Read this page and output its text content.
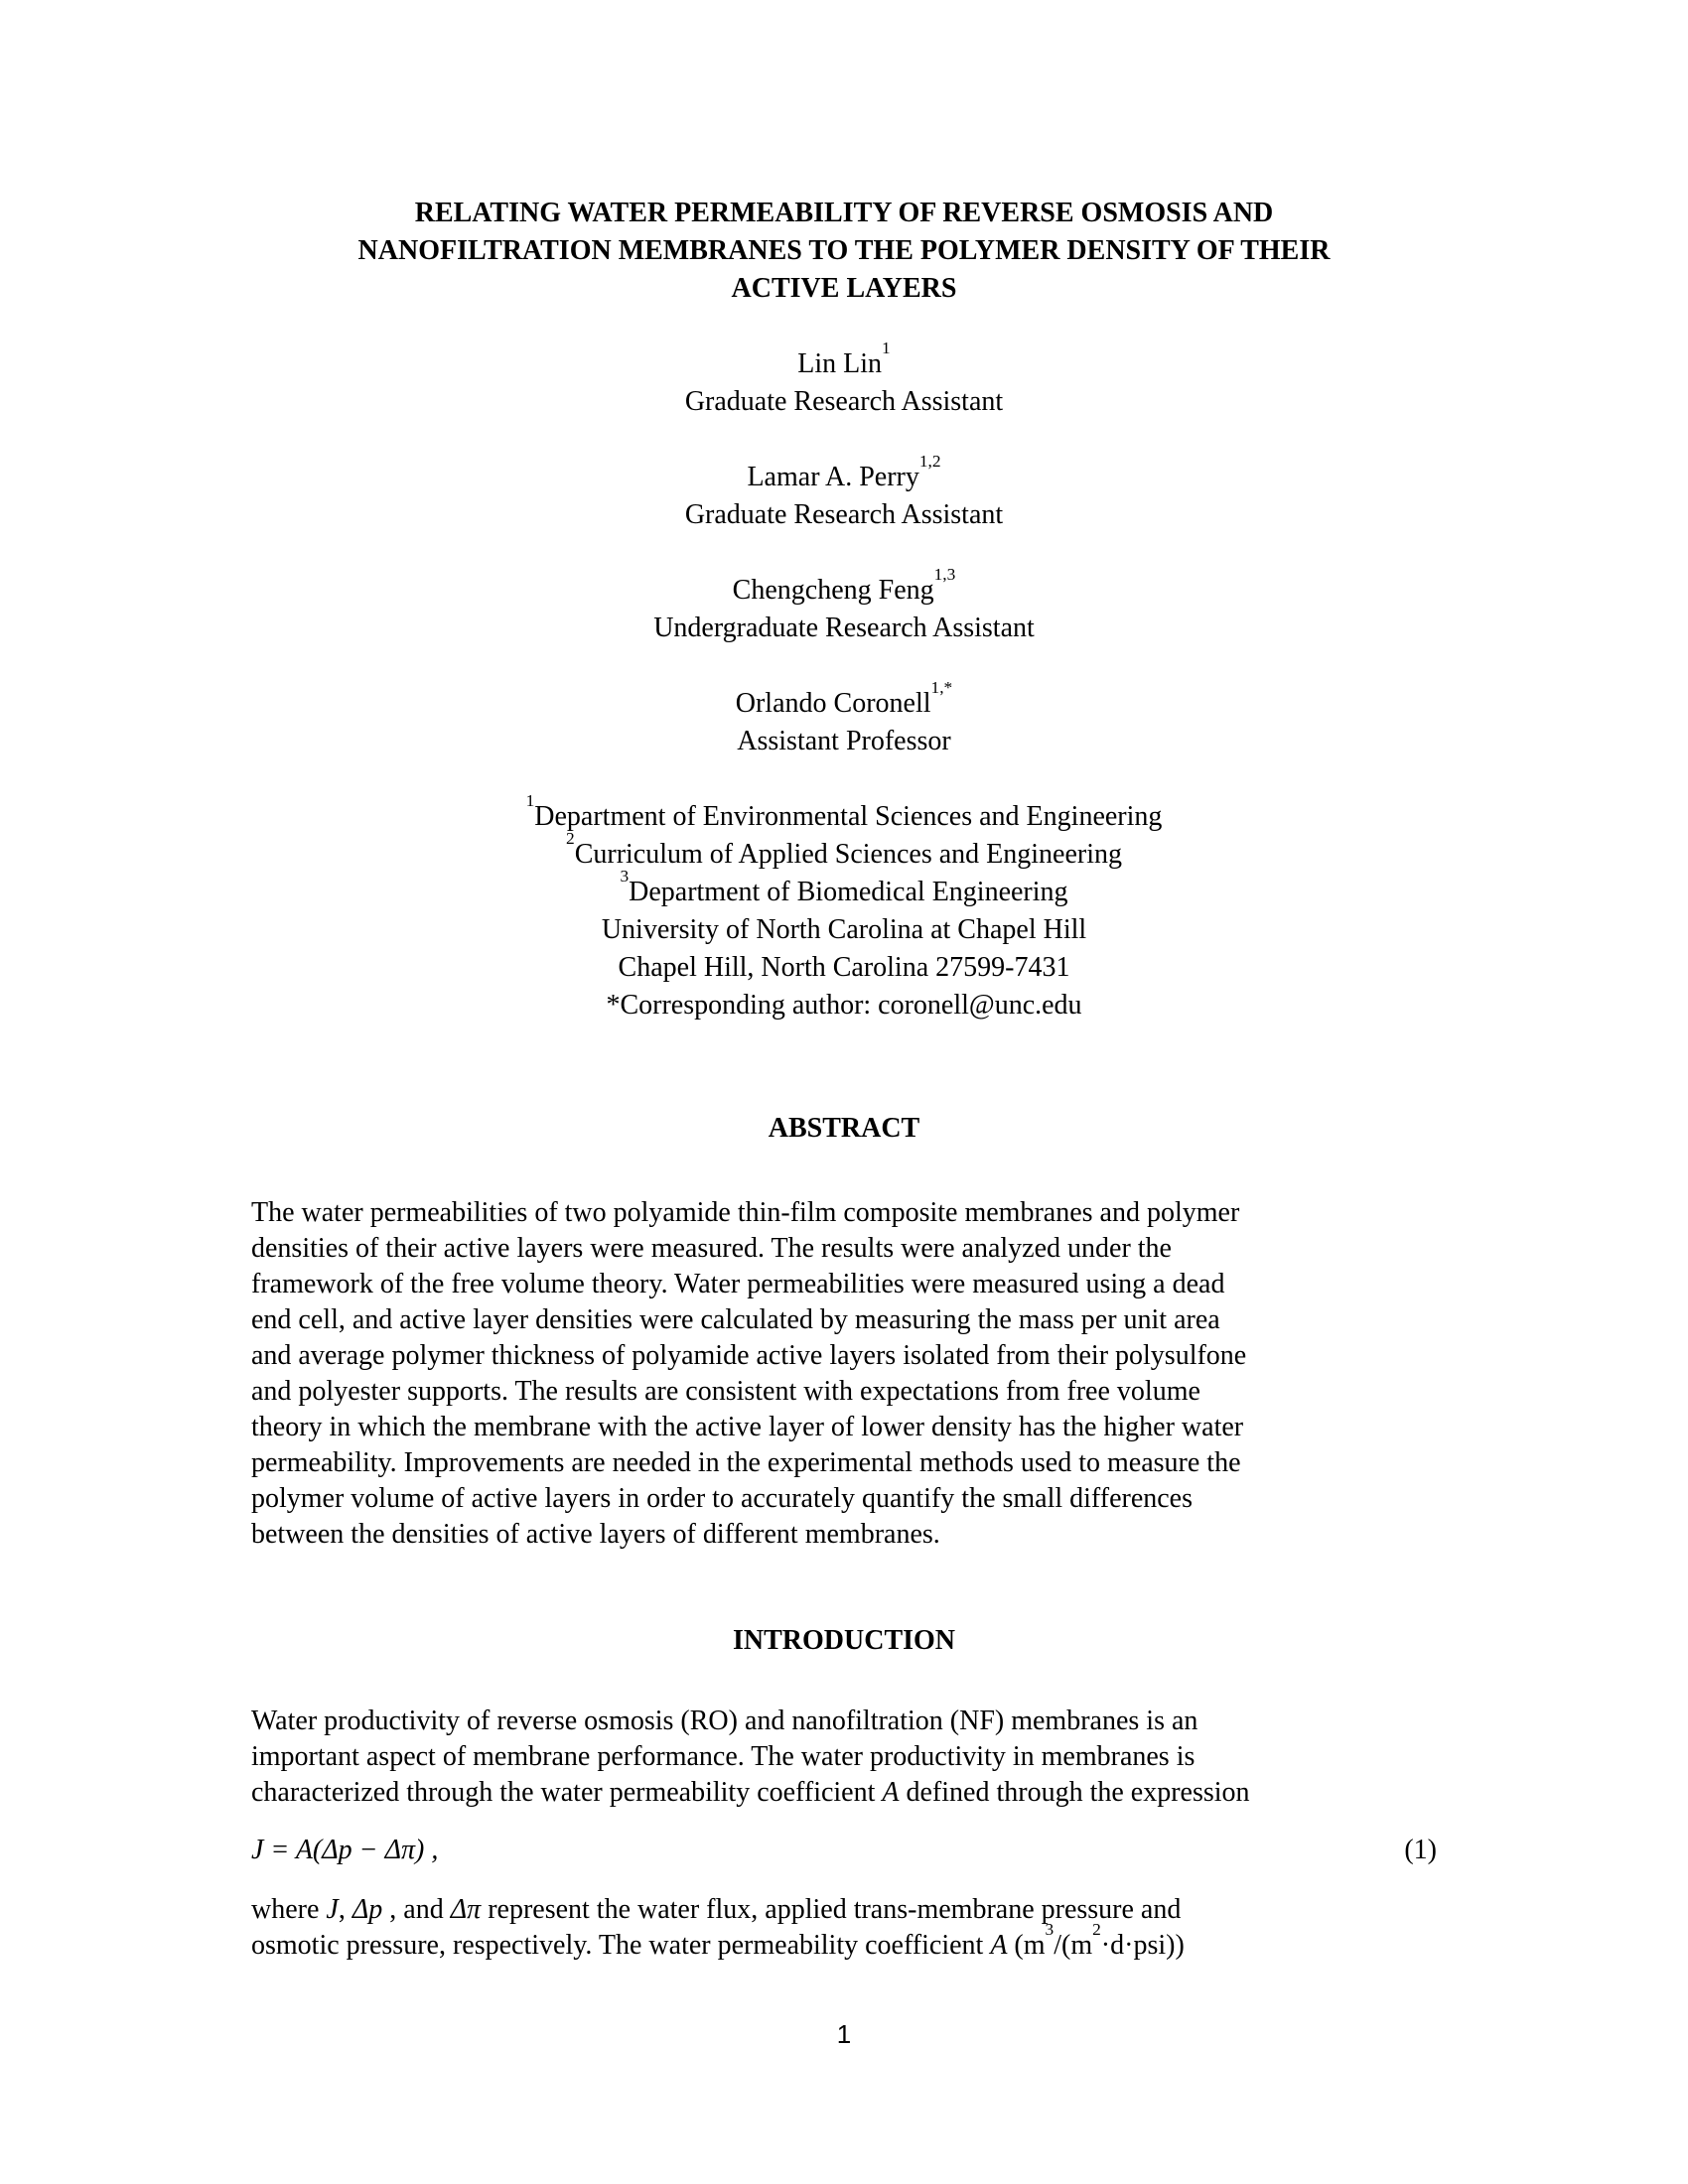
RELATING WATER PERMEABILITY OF REVERSE OSMOSIS AND
NANOFILTRATION MEMBRANES TO THE POLYMER DENSITY OF THEIR
ACTIVE LAYERS
Lin Lin$^1$
Graduate Research Assistant
Lamar A. Perry$^{1,2}$
Graduate Research Assistant
Chengcheng Feng$^{1,3}$
Undergraduate Research Assistant
Orlando Coronell$^{1,*}$
Assistant Professor
$^1$Department of Environmental Sciences and Engineering
$^2$Curriculum of Applied Sciences and Engineering
$^3$Department of Biomedical Engineering
University of North Carolina at Chapel Hill
Chapel Hill, North Carolina 27599-7431
*Corresponding author: coronell@unc.edu
ABSTRACT
The water permeabilities of two polyamide thin-film composite membranes and polymer
densities of their active layers were measured. The results were analyzed under the
framework of the free volume theory. Water permeabilities were measured using a dead
end cell, and active layer densities were calculated by measuring the mass per unit area
and average polymer thickness of polyamide active layers isolated from their polysulfone
and polyester supports. The results are consistent with expectations from free volume
theory in which the membrane with the active layer of lower density has the higher water
permeability. Improvements are needed in the experimental methods used to measure the
polymer volume of active layers in order to accurately quantify the small differences
between the densities of active layers of different membranes.
INTRODUCTION
Water productivity of reverse osmosis (RO) and nanofiltration (NF) membranes is an
important aspect of membrane performance. The water productivity in membranes is
characterized through the water permeability coefficient A defined through the expression
J = A(Δp − Δπ) ,	(1)
where J, Δp , and Δπ represent the water flux, applied trans-membrane pressure and
osmotic pressure, respectively. The water permeability coefficient A $(m^3/(m^2\cdot d\cdot psi))$
1
